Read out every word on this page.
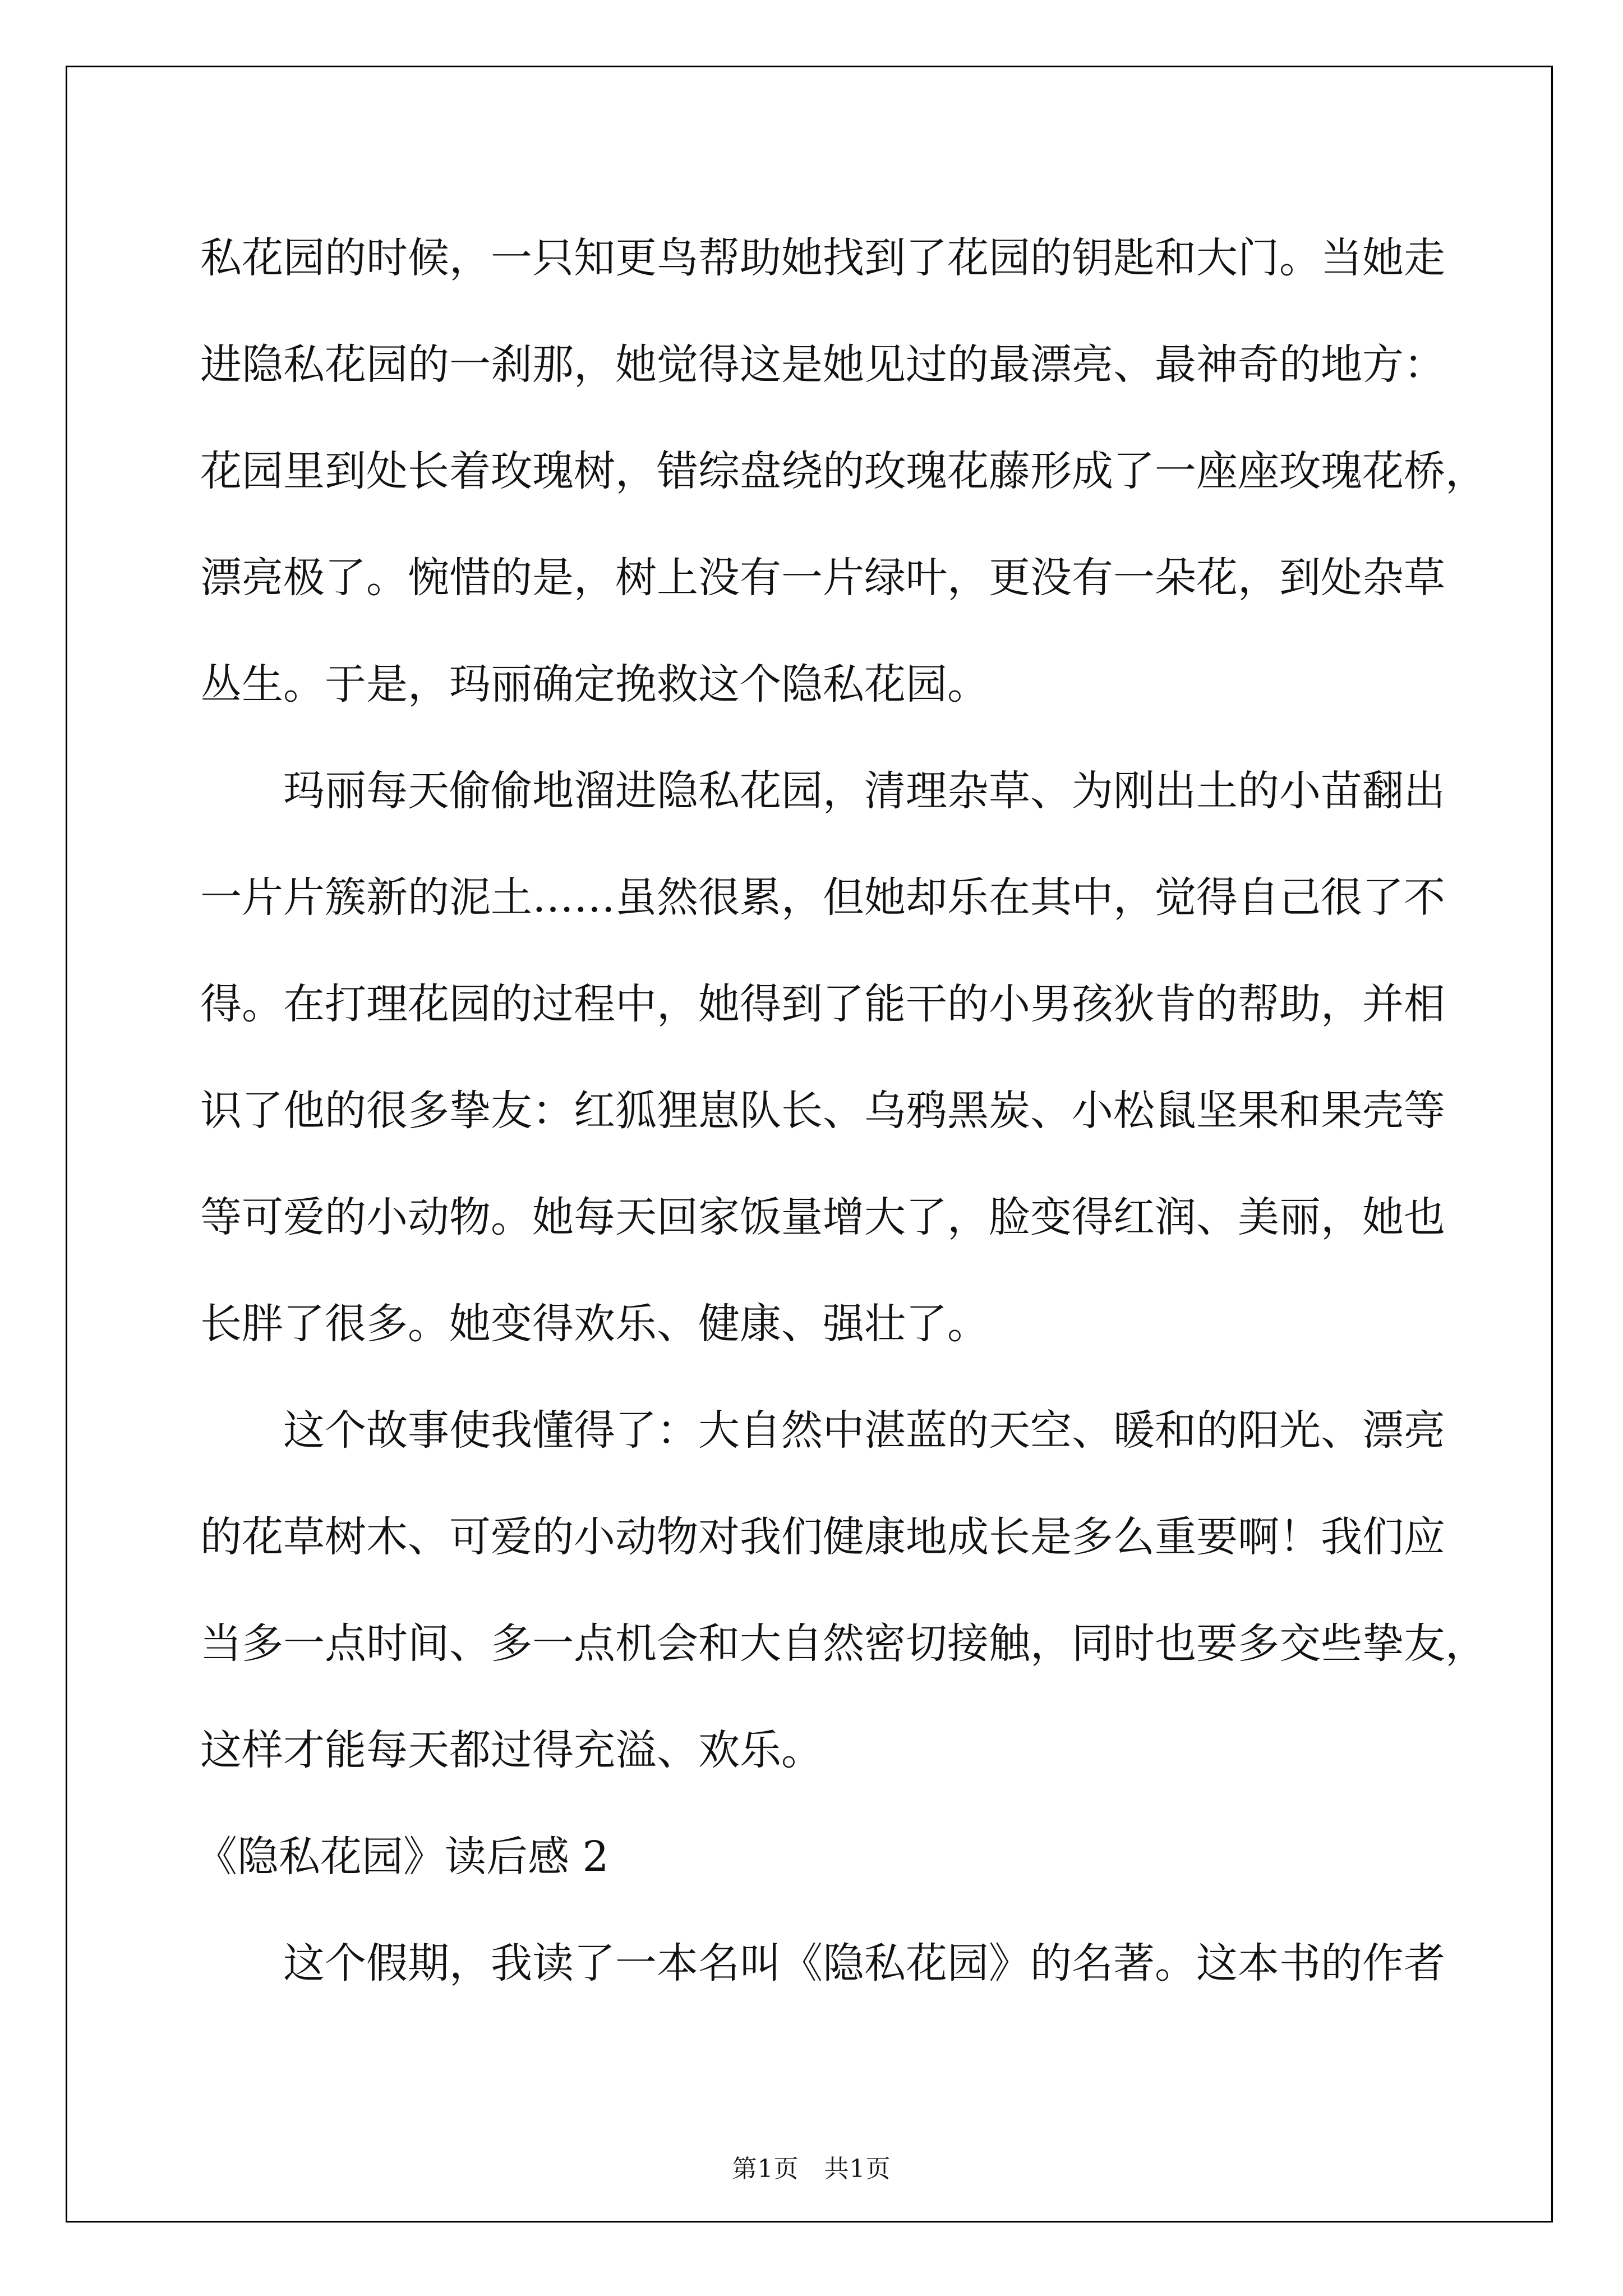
私花园的时候，一只知更鸟帮助她找到了花园的钥匙和大门。当她走
进隐私花园的一刹那，她觉得这是她见过的最漂亮、最神奇的地方：
花园里到处长着玫瑰树，错综盘绕的玫瑰花藤形成了一座座玫瑰花桥，
漂亮极了。惋惜的是，树上没有一片绿叶，更没有一朵花，到处杂草
丛生。于是，玛丽确定挽救这个隐私花园。
玛丽每天偷偷地溜进隐私花园，清理杂草、为刚出土的小苗翻出
一片片簇新的泥土……虽然很累，但她却乐在其中，觉得自己很了不
得。在打理花园的过程中，她得到了能干的小男孩狄肯的帮助，并相
识了他的很多挚友：红狐狸崽队长、乌鸦黑炭、小松鼠坚果和果壳等
等可爱的小动物。她每天回家饭量增大了，脸变得红润、美丽，她也
长胖了很多。她变得欢乐、健康、强壮了。
这个故事使我懂得了：大自然中湛蓝的天空、暖和的阳光、漂亮
的花草树木、可爱的小动物对我们健康地成长是多么重要啊！我们应
当多一点时间、多一点机会和大自然密切接触，同时也要多交些挚友，
这样才能每天都过得充溢、欢乐。
《隐私花园》读后感 2
这个假期，我读了一本名叫《隐私花园》的名著。这本书的作者
第1页　共1页
